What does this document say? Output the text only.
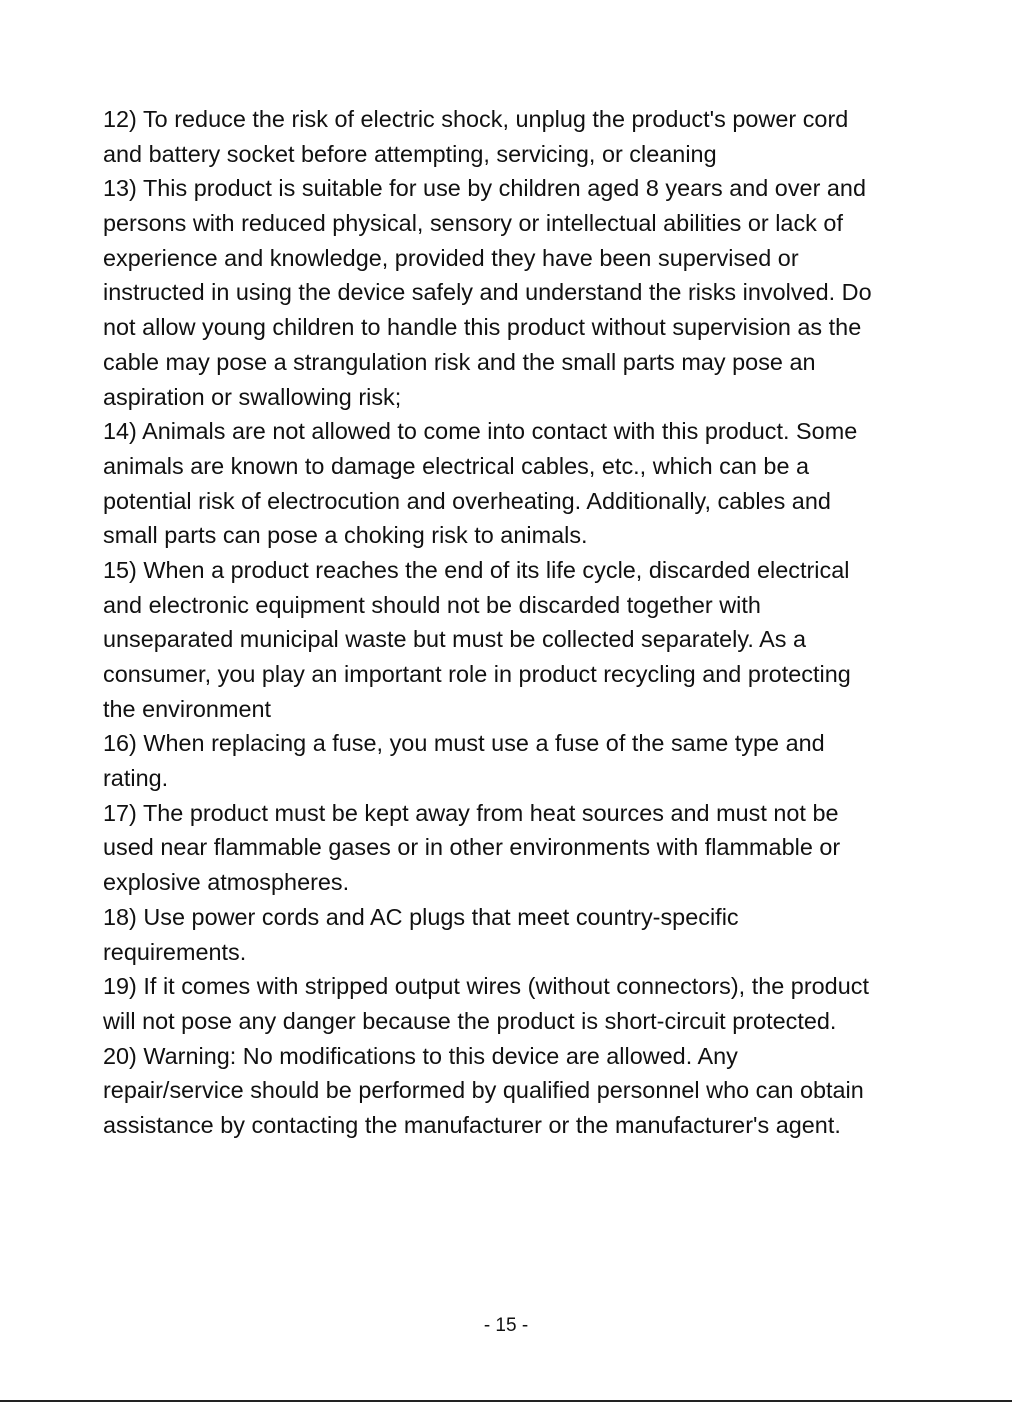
12) To reduce the risk of electric shock, unplug the product's power cord
and battery socket before attempting, servicing, or cleaning
13) This product is suitable for use by children aged 8 years and over and
persons with reduced physical, sensory or intellectual abilities or lack of
experience and knowledge, provided they have been supervised or
instructed in using the device safely and understand the risks involved. Do
not allow young children to handle this product without supervision as the
cable may pose a strangulation risk and the small parts may pose an
aspiration or swallowing risk;
14) Animals are not allowed to come into contact with this product. Some
animals are known to damage electrical cables, etc., which can be a
potential risk of electrocution and overheating. Additionally, cables and
small parts can pose a choking risk to animals.
15) When a product reaches the end of its life cycle, discarded electrical
and electronic equipment should not be discarded together with
unseparated municipal waste but must be collected separately. As a
consumer, you play an important role in product recycling and protecting
the environment
16) When replacing a fuse, you must use a fuse of the same type and
rating.
17) The product must be kept away from heat sources and must not be
used near flammable gases or in other environments with flammable or
explosive atmospheres.
18) Use power cords and AC plugs that meet country-specific
requirements.
19) If it comes with stripped output wires (without connectors), the product
will not pose any danger because the product is short-circuit protected.
20) Warning: No modifications to this device are allowed. Any
repair/service should be performed by qualified personnel who can obtain
assistance by contacting the manufacturer or the manufacturer's agent.
- 15 -
